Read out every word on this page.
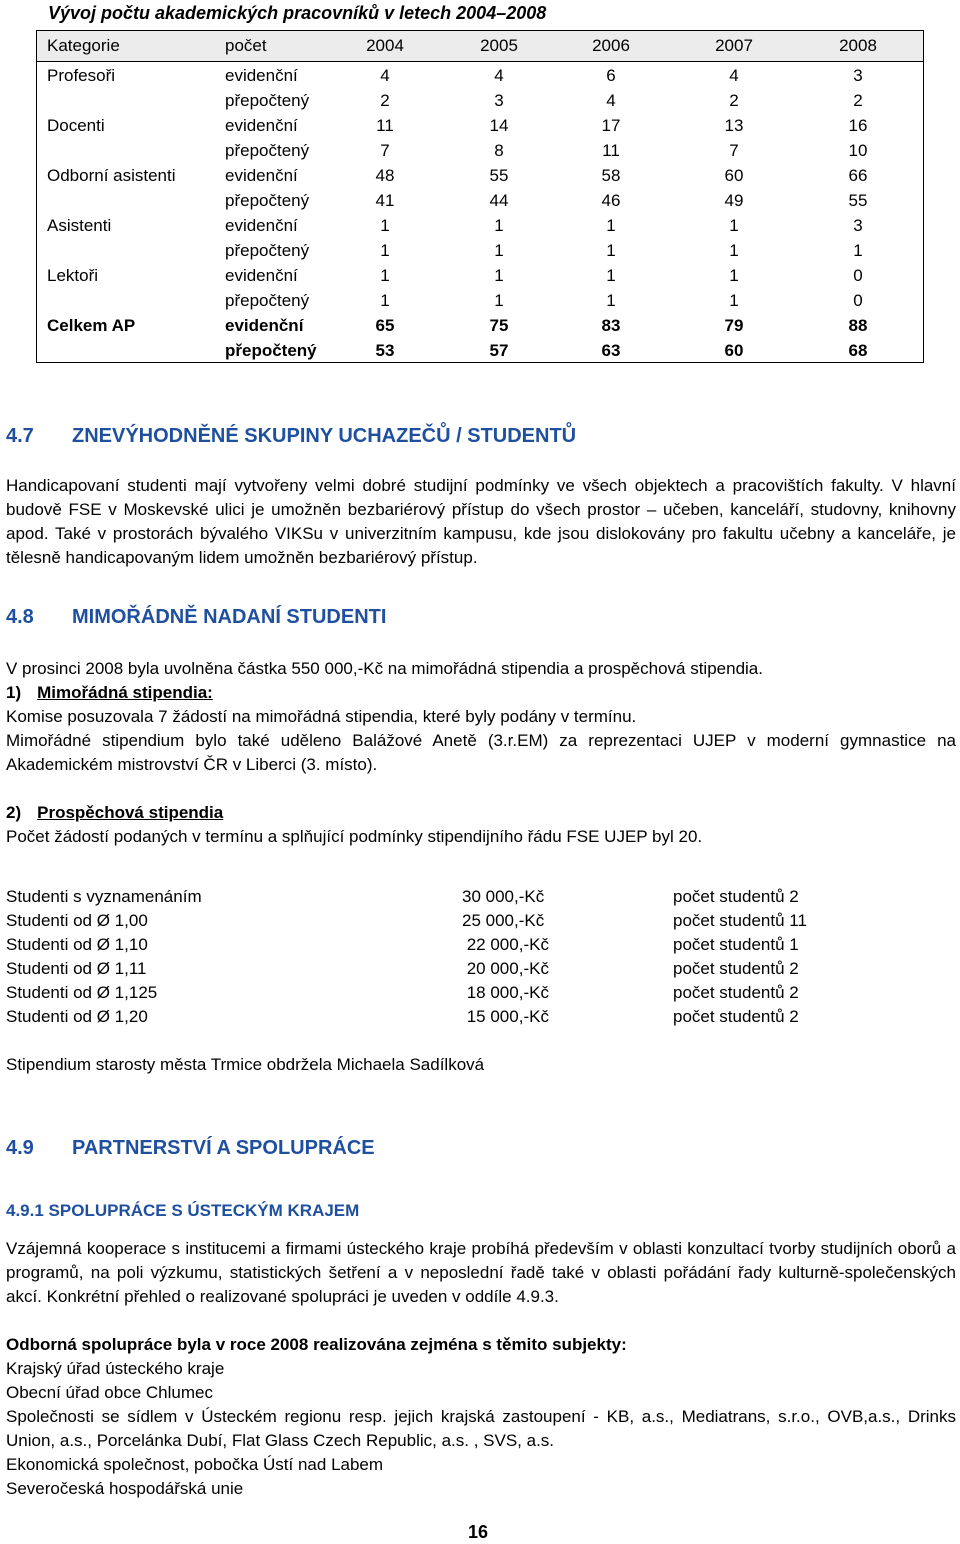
Vývoj počtu akademických pracovníků v letech 2004–2008
Kategorie	počet	2004	2005	2006	2007	2008
Profesoři	evidenční	4	4	6	4	3
přepočtený	2	3	4	2	2
Docenti	evidenční	11	14	17	13	16
přepočtený	7	8	11	7	10
Odborní asistenti	evidenční	48	55	58	60	66
přepočtený	41	44	46	49	55
Asistenti	evidenční	1	1	1	1	3
přepočtený	1	1	1	1	1
Lektoři	evidenční	1	1	1	1	0
přepočtený	1	1	1	1	0
Celkem AP	evidenční	65	75	83	79	88
přepočtený	53	57	63	60	68
4.7 ZNEVÝHODNĚNÉ SKUPINY UCHAZEČŮ / STUDENTŮ
Handicapovaní studenti mají vytvořeny velmi dobré studijní podmínky ve všech objektech a pracovištích fakulty. V hlavní budově FSE v Moskevské ulici je umožněn bezbariérový přístup do všech prostor – učeben, kanceláří, studovny, knihovny apod. Také v prostorách bývalého VIKSu v univerzitním kampusu, kde jsou dislokovány pro fakultu učebny a kanceláře, je tělesně handicapovaným lidem umožněn bezbariérový přístup.
4.8 MIMOŘÁDNĚ NADANÍ STUDENTI
V prosinci 2008 byla uvolněna částka 550 000,-Kč na mimořádná stipendia a prospěchová stipendia.
1) Mimořádná stipendia:
Komise posuzovala 7 žádostí na mimořádná stipendia, které byly podány v termínu.
Mimořádné stipendium bylo také uděleno Balážové Anetě (3.r.EM) za reprezentaci UJEP v moderní gymnastice na Akademickém mistrovství ČR v Liberci (3. místo).
2) Prospěchová stipendia
Počet žádostí podaných v termínu a splňující podmínky stipendijního řádu FSE UJEP byl 20.
Studenti s vyznamenáním	30 000,-Kč	počet studentů 2
Studenti od Ø 1,00	25 000,-Kč	počet studentů 11
Studenti od Ø 1,10	22 000,-Kč	počet studentů 1
Studenti od Ø 1,11	20 000,-Kč	počet studentů 2
Studenti od Ø 1,125	18 000,-Kč	počet studentů 2
Studenti od Ø 1,20	15 000,-Kč	počet studentů 2
Stipendium starosty města Trmice obdržela Michaela Sadílková
4.9 PARTNERSTVÍ A SPOLUPRÁCE
4.9.1 SPOLUPRÁCE S ÚSTECKÝM KRAJEM
Vzájemná kooperace s institucemi a firmami ústeckého kraje probíhá především v oblasti konzultací tvorby studijních oborů a programů, na poli výzkumu, statistických šetření a v neposlední řadě také v oblasti pořádání řady kulturně-společenských akcí. Konkrétní přehled o realizované spolupráci je uveden v oddíle 4.9.3.
Odborná spolupráce byla v roce 2008 realizována zejména s těmito subjekty:
Krajský úřad ústeckého kraje
Obecní úřad obce Chlumec
Společnosti se sídlem v Ústeckém regionu resp. jejich krajská zastoupení - KB, a.s., Mediatrans, s.r.o., OVB,a.s., Drinks Union, a.s., Porcelánka Dubí, Flat Glass Czech Republic, a.s. , SVS, a.s.
Ekonomická společnost, pobočka Ústí nad Labem
Severočeská hospodářská unie
16
